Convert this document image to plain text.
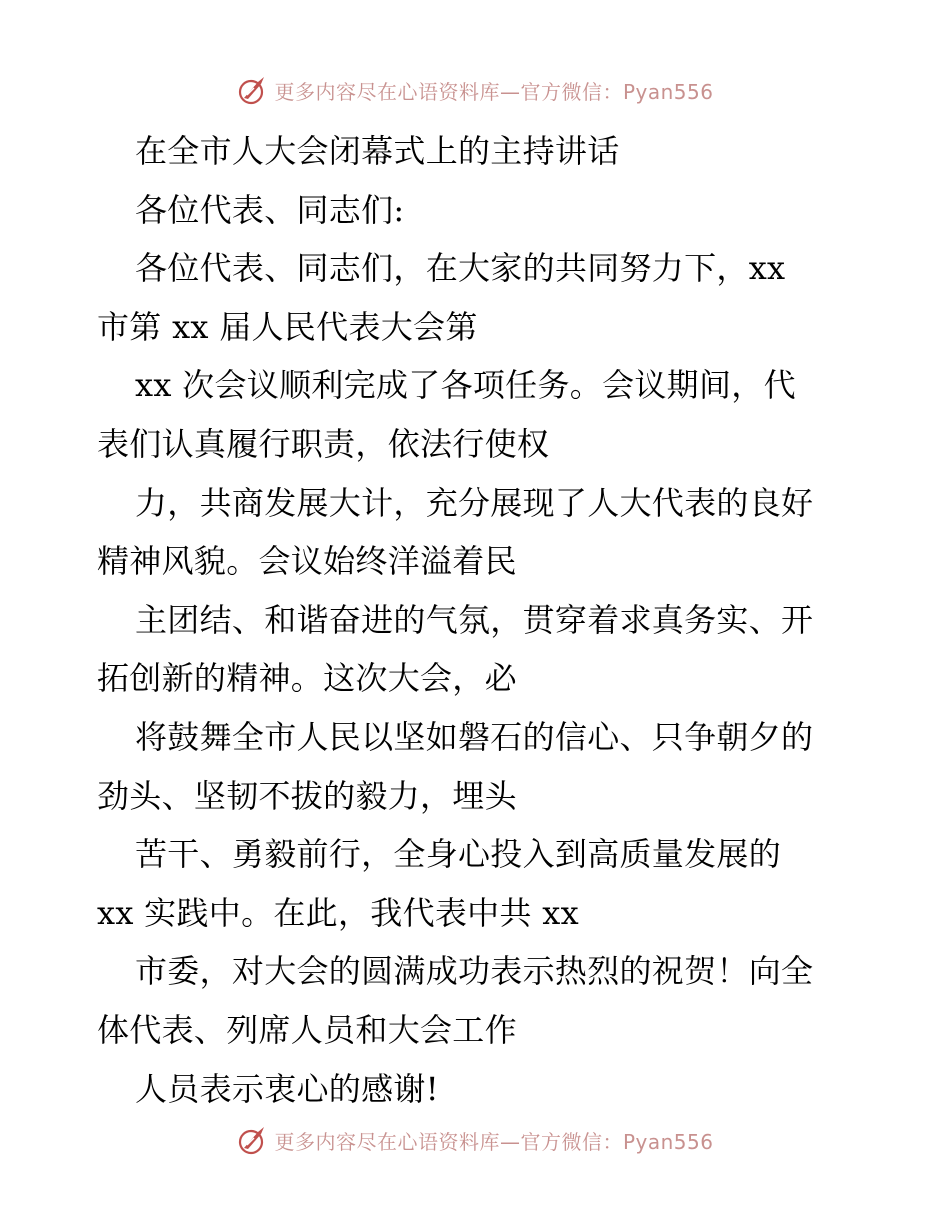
更多内容尽在心语资料库—官方微信：Pyan556
在全市人大会闭幕式上的主持讲话
各位代表、同志们:
各位代表、同志们，在大家的共同努力下，xx
市第 xx 届人民代表大会第
xx 次会议顺利完成了各项任务。会议期间，代
表们认真履行职责，依法行使权
力，共商发展大计，充分展现了人大代表的良好
精神风貌。会议始终洋溢着民
主团结、和谐奋进的气氛，贯穿着求真务实、开
拓创新的精神。这次大会，必
将鼓舞全市人民以坚如磐石的信心、只争朝夕的
劲头、坚韧不拔的毅力，埋头
苦干、勇毅前行，全身心投入到高质量发展的
xx 实践中。在此，我代表中共 xx
市委，对大会的圆满成功表示热烈的祝贺！向全
体代表、列席人员和大会工作
人员表示衷心的感谢!
更多内容尽在心语资料库—官方微信：Pyan556
